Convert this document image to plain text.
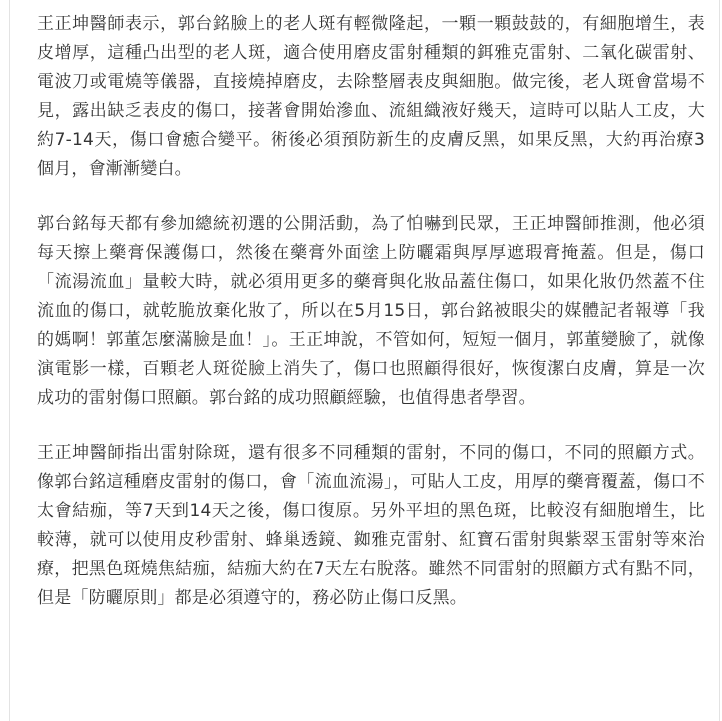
王正坤醫師表示，郭台銘臉上的老人斑有輕微隆起，一顆一顆鼓鼓的，有細胞增生，表皮增厚，這種凸出型的老人斑，適合使用磨皮雷射種類的鉺雅克雷射、二氧化碳雷射、電波刀或電燒等儀器，直接燒掉磨皮，去除整層表皮與細胞。做完後，老人斑會當場不見，露出缺乏表皮的傷口，接著會開始滲血、流組織液好幾天，這時可以貼人工皮，大約7-14天，傷口會癒合變平。術後必須預防新生的皮膚反黑，如果反黑，大約再治療3個月，會漸漸變白。

郭台銘每天都有參加總統初選的公開活動，為了怕嚇到民眾，王正坤醫師推測，他必須每天擦上藥膏保護傷口，然後在藥膏外面塗上防曬霜與厚厚遮瑕膏掩蓋。但是，傷口「流湯流血」量較大時，就必須用更多的藥膏與化妝品蓋住傷口，如果化妝仍然蓋不住流血的傷口，就乾脆放棄化妝了，所以在5月15日，郭台銘被眼尖的媒體記者報導「我的媽啊！郭董怎麼滿臉是血！」。王正坤說，不管如何，短短一個月，郭董變臉了，就像演電影一樣，百顆老人斑從臉上消失了，傷口也照顧得很好，恢復潔白皮膚，算是一次成功的雷射傷口照顧。郭台銘的成功照顧經驗，也值得患者學習。

王正坤醫師指出雷射除斑，還有很多不同種類的雷射，不同的傷口，不同的照顧方式。像郭台銘這種磨皮雷射的傷口，會「流血流湯」，可貼人工皮，用厚的藥膏覆蓋，傷口不太會結痂，等7天到14天之後，傷口復原。另外平坦的黑色斑，比較沒有細胞增生，比較薄，就可以使用皮秒雷射、蜂巢透鏡、銣雅克雷射、紅寶石雷射與紫翠玉雷射等來治療，把黑色斑燒焦結痂，結痂大約在7天左右脫落。雖然不同雷射的照顧方式有點不同，但是「防曬原則」都是必須遵守的，務必防止傷口反黑。
